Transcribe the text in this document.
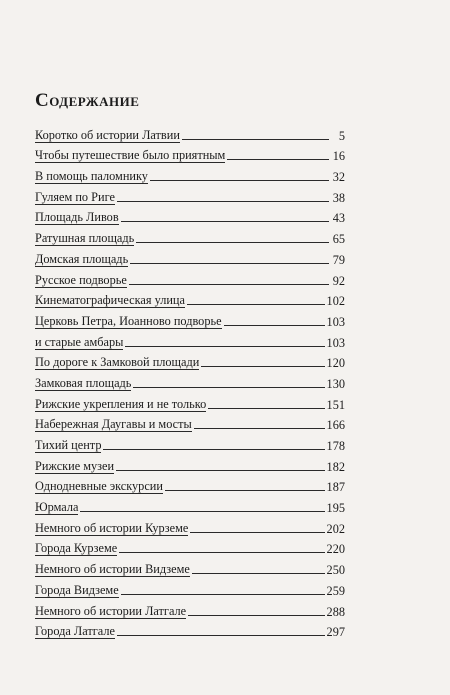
Содержание
Коротко об истории Латвии	5
Чтобы путешествие было приятным	16
В помощь паломнику	32
Гуляем по Риге	38
Площадь Ливов	43
Ратушная площадь	65
Домская площадь	79
Русское подворье	92
Кинематографическая улица	102
Церковь Петра, Иоанново подворье	103
и старые амбары	103
По дороге к Замковой площади	120
Замковая площадь	130
Рижские укрепления и не только	151
Набережная Даугавы и мосты	166
Тихий центр	178
Рижские музеи	182
Однодневные экскурсии	187
Юрмала	195
Немного об истории Курземе	202
Города Курземе	220
Немного об истории Видземе	250
Города Видземе	259
Немного об истории Латгале	288
Города Латгале	297
